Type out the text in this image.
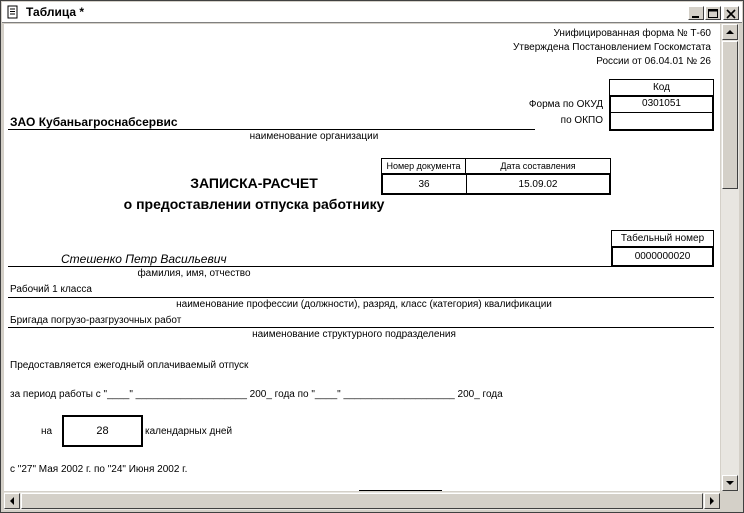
Таблица *
Унифицированная форма № Т-60
Утверждена Постановлением Госкомстата
России от 06.04.01 № 26
Код
0301051
Форма по ОКУД
по ОКПО
ЗАО Кубаньагроснабсервис
наименование организации
Номер документа	Дата составления
36	15.09.02
ЗАПИСКА-РАСЧЕТ
о предоставлении отпуска работнику
Табельный номер
0000000020
Стешенко Петр Васильевич
фамилия, имя, отчество
Рабочий 1 класса
наименование профессии (должности), разряд, класс (категория) квалификации
Бригада погрузо-разгрузочных работ
наименование структурного подразделения
Предоставляется ежегодный оплачиваемый отпуск
за период работы с "____" ____________________ 200_ года по "____" ____________________ 200_ года
на	28	календарных дней
с "27" Мая 2002 г. по "24" Июня 2002 г.
